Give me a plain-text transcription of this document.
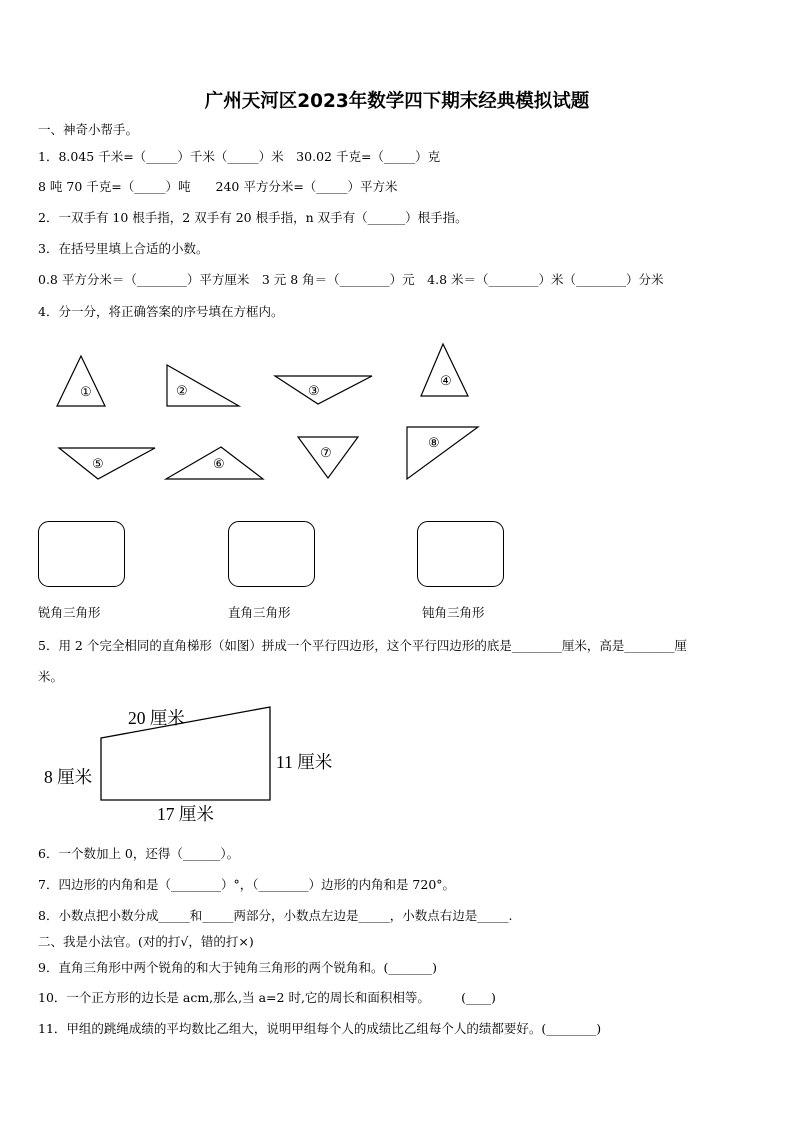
广州天河区2023年数学四下期末经典模拟试题
一、神奇小帮手。
1．8.045 千米=（_____）千米（_____）米　30.02 千克=（_____）克
8 吨 70 千克=（_____）吨　　240 平方分米=（_____）平方米
2．一双手有 10 根手指，2 双手有 20 根手指，n 双手有（______）根手指。
3．在括号里填上合适的小数。
0.8 平方分米＝（________）平方厘米　3 元 8 角＝（________）元　4.8 米＝（________）米（________）分米
4．分一分，将正确答案的序号填在方框内。
①	②	③
④
⑤	⑥
⑦
⑧
锐角三角形	直角三角形	钝角三角形
5．用 2 个完全相同的直角梯形（如图）拼成一个平行四边形，这个平行四边形的底是________厘米，高是________厘
米。
20 厘米
8 厘米
11 厘米
17 厘米
6．一个数加上 0，还得（______）。
7．四边形的内角和是（________）°，（________）边形的内角和是 720°。
8．小数点把小数分成_____和_____两部分，小数点左边是_____，小数点右边是_____.
二、我是小法官。(对的打√，错的打×)
9．直角三角形中两个锐角的和大于钝角三角形的两个锐角和。(_______)
10．一个正方形的边长是 acm,那么,当 a=2 时,它的周长和面积相等。　　　(____)
11．甲组的跳绳成绩的平均数比乙组大，说明甲组每个人的成绩比乙组每个人的绩都要好。(________)
